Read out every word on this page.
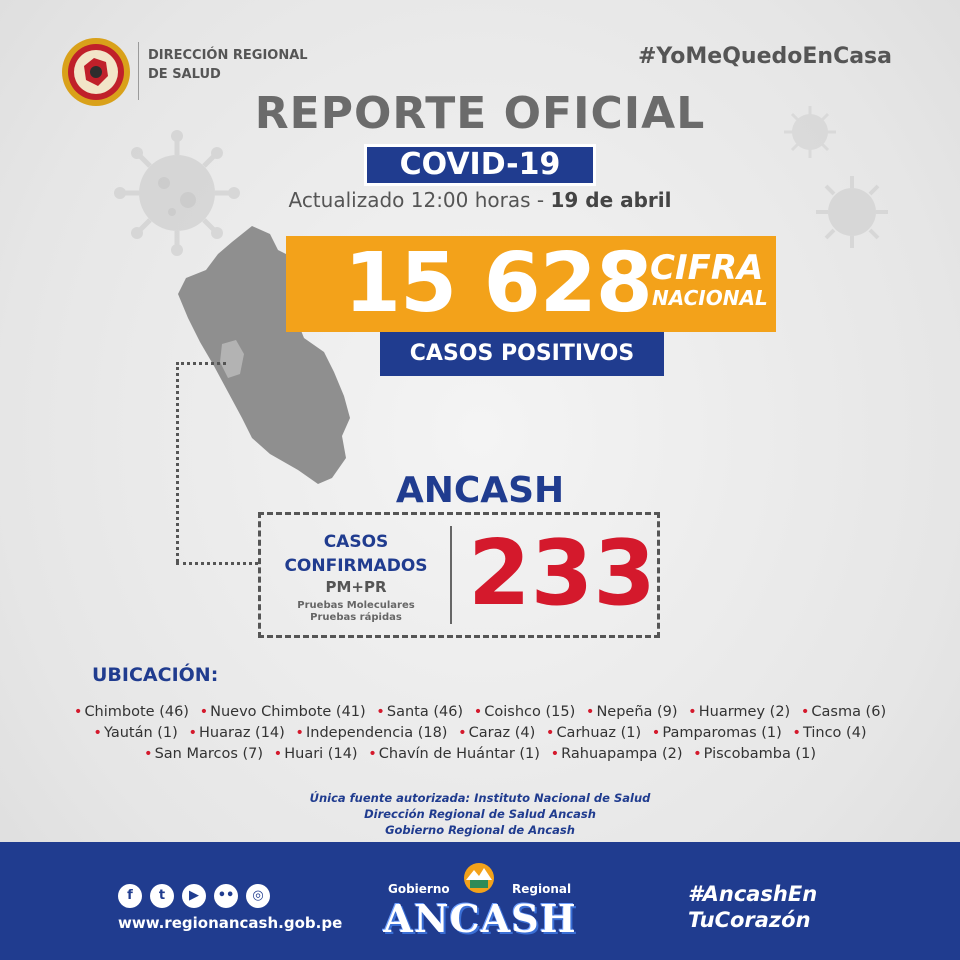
DIRECCIÓN REGIONAL
DE SALUD
#YoMeQuedoEnCasa
REPORTE OFICIAL
COVID-19
Actualizado 12:00 horas - 19 de abril
15 628
CIFRA
NACIONAL
CASOS POSITIVOS
ANCASH
CASOS
CONFIRMADOS
PM+PR
Pruebas Moleculares
Pruebas rápidas 233
UBICACIÓN:
• Chimbote (46) • Nuevo Chimbote (41) • Santa (46) • Coishco (15) • Nepeña (9) • Huarmey (2) • Casma (6)
• Yaután (1) • Huaraz (14) • Independencia (18) • Caraz (4) • Carhuaz (1) • Pamparomas (1) • Tinco (4)
• San Marcos (7) • Huari (14) • Chavín de Huántar (1) • Rahuapampa (2) • Piscobamba (1)
Única fuente autorizada: Instituto Nacional de Salud
Dirección Regional de Salud Ancash
Gobierno Regional de Ancash
f	t	▶	••	◎
www.regionancash.gob.pe
Gobierno	Regional
ANCASH
#AncashEn
TuCorazón
